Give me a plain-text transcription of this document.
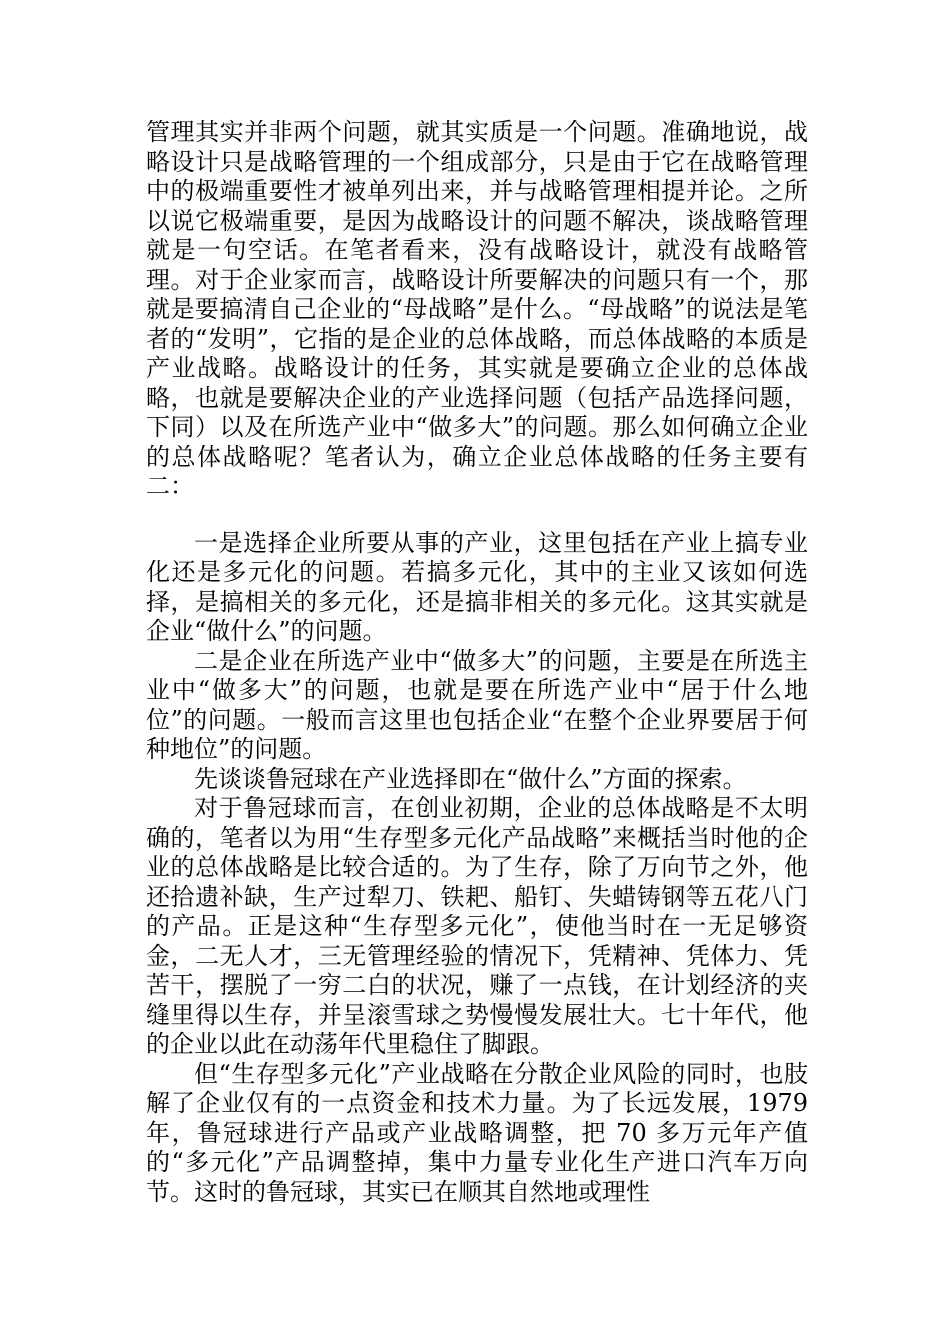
管理其实并非两个问题，就其实质是一个问题。准确地说，战略设计只是战略管理的一个组成部分，只是由于它在战略管理中的极端重要性才被单列出来，并与战略管理相提并论。之所以说它极端重要，是因为战略设计的问题不解决，谈战略管理就是一句空话。在笔者看来，没有战略设计，就没有战略管理。对于企业家而言，战略设计所要解决的问题只有一个，那就是要搞清自己企业的“母战略”是什么。“母战略”的说法是笔者的“发明”，它指的是企业的总体战略，而总体战略的本质是产业战略。战略设计的任务，其实就是要确立企业的总体战略，也就是要解决企业的产业选择问题（包括产品选择问题，下同）以及在所选产业中“做多大”的问题。那么如何确立企业的总体战略呢？笔者认为，确立企业总体战略的任务主要有二：

一是选择企业所要从事的产业，这里包括在产业上搞专业化还是多元化的问题。若搞多元化，其中的主业又该如何选择，是搞相关的多元化，还是搞非相关的多元化。这其实就是企业“做什么”的问题。

二是企业在所选产业中“做多大”的问题，主要是在所选主业中“做多大”的问题，也就是要在所选产业中“居于什么地位”的问题。一般而言这里也包括企业“在整个企业界要居于何种地位”的问题。

先谈谈鲁冠球在产业选择即在“做什么”方面的探索。

对于鲁冠球而言，在创业初期，企业的总体战略是不太明确的，笔者以为用“生存型多元化产品战略”来概括当时他的企业的总体战略是比较合适的。为了生存，除了万向节之外，他还拾遗补缺，生产过犁刀、铁耙、船钉、失蜡铸钢等五花八门的产品。正是这种“生存型多元化”，使他当时在一无足够资金，二无人才，三无管理经验的情况下，凭精神、凭体力、凭苦干，摆脱了一穷二白的状况，赚了一点钱，在计划经济的夹缝里得以生存，并呈滚雪球之势慢慢发展壮大。七十年代，他的企业以此在动荡年代里稳住了脚跟。

但“生存型多元化”产业战略在分散企业风险的同时，也肢解了企业仅有的一点资金和技术力量。为了长远发展，1979 年，鲁冠球进行产品或产业战略调整，把 70 多万元年产值的“多元化”产品调整掉，集中力量专业化生产进口汽车万向节。这时的鲁冠球，其实已在顺其自然地或理性
